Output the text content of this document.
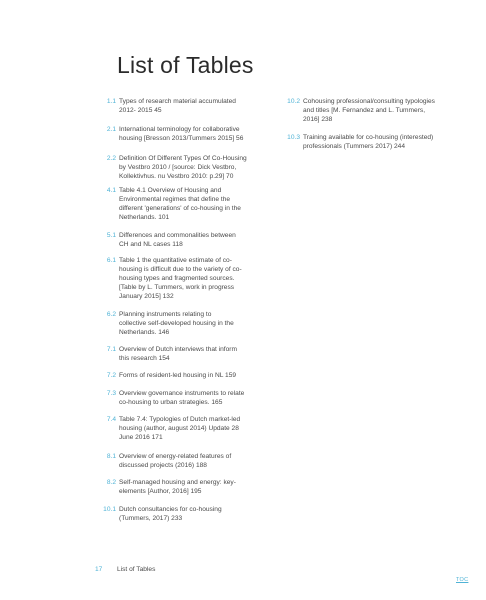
List of Tables
1.1 Types of research material accumulated 2012- 2015 45
2.1 International terminology for collaborative housing [Bresson 2013/Tummers 2015] 56
2.2 Definition Of Different Types Of Co-Housing by Vestbro 2010 / [source: Dick Vestbro, Kollektivhus. nu Vestbro 2010: p.29] 70
4.1 Table 4.1 Overview of Housing and Environmental regimes that define the different 'generations' of co-housing in the Netherlands. 101
5.1 Differences and commonalities between CH and NL cases 118
6.1 Table 1 the quantitative estimate of co-housing is difficult due to the variety of co-housing types and fragmented sources. [Table by L. Tummers, work in progress January 2015] 132
6.2 Planning instruments relating to collective self-developed housing in the Netherlands. 146
7.1 Overview of Dutch interviews that inform this research 154
7.2 Forms of resident-led housing in NL 159
7.3 Overview governance instruments to relate co-housing to urban strategies. 165
7.4 Table 7.4: Typologies of Dutch market-led housing (author, august 2014) Update 28 June 2016 171
8.1 Overview of energy-related features of discussed projects (2016) 188
8.2 Self-managed housing and energy: key-elements [Author, 2016] 195
10.1 Dutch consultancies for co-housing (Tummers, 2017) 233
10.2 Cohousing professional/consulting typologies and titles [M. Fernandez and L. Tummers, 2016] 238
10.3 Training available for co-housing (interested) professionals (Tummers 2017) 244
17 List of Tables
TOC
